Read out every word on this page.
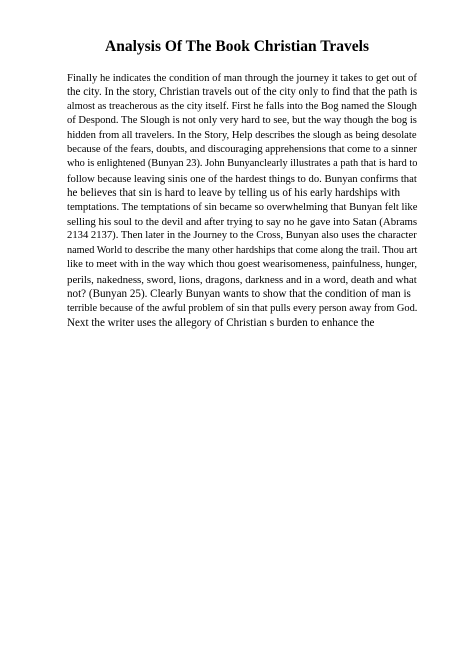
Analysis Of The Book Christian Travels
Finally he indicates the condition of man through the journey it takes to get out of
the city. In the story, Christian travels out of the city only to find that the path is
almost as treacherous as the city itself. First he falls into the Bog named the Slough
of Despond. The Slough is not only very hard to see, but the way though the bog is
hidden from all travelers. In the Story, Help describes the slough as being desolate
because of the fears, doubts, and discouraging apprehensions that come to a sinner
who is enlightened (Bunyan 23). John Bunyanclearly illustrates a path that is hard to
follow because leaving sinis one of the hardest things to do. Bunyan confirms that
he believes that sin is hard to leave by telling us of his early hardships with
temptations. The temptations of sin became so overwhelming that Bunyan felt like
selling his soul to the devil and after trying to say no he gave into Satan (Abrams
2134 2137). Then later in the Journey to the Cross, Bunyan also uses the character
named World to describe the many other hardships that come along the trail. Thou art
like to meet with in the way which thou goest wearisomeness, painfulness, hunger,
perils, nakedness, sword, lions, dragons, darkness and in a word, death and what
not? (Bunyan 25). Clearly Bunyan wants to show that the condition of man is
terrible because of the awful problem of sin that pulls every person away from God.
Next the writer uses the allegory of Christian s burden to enhance the
